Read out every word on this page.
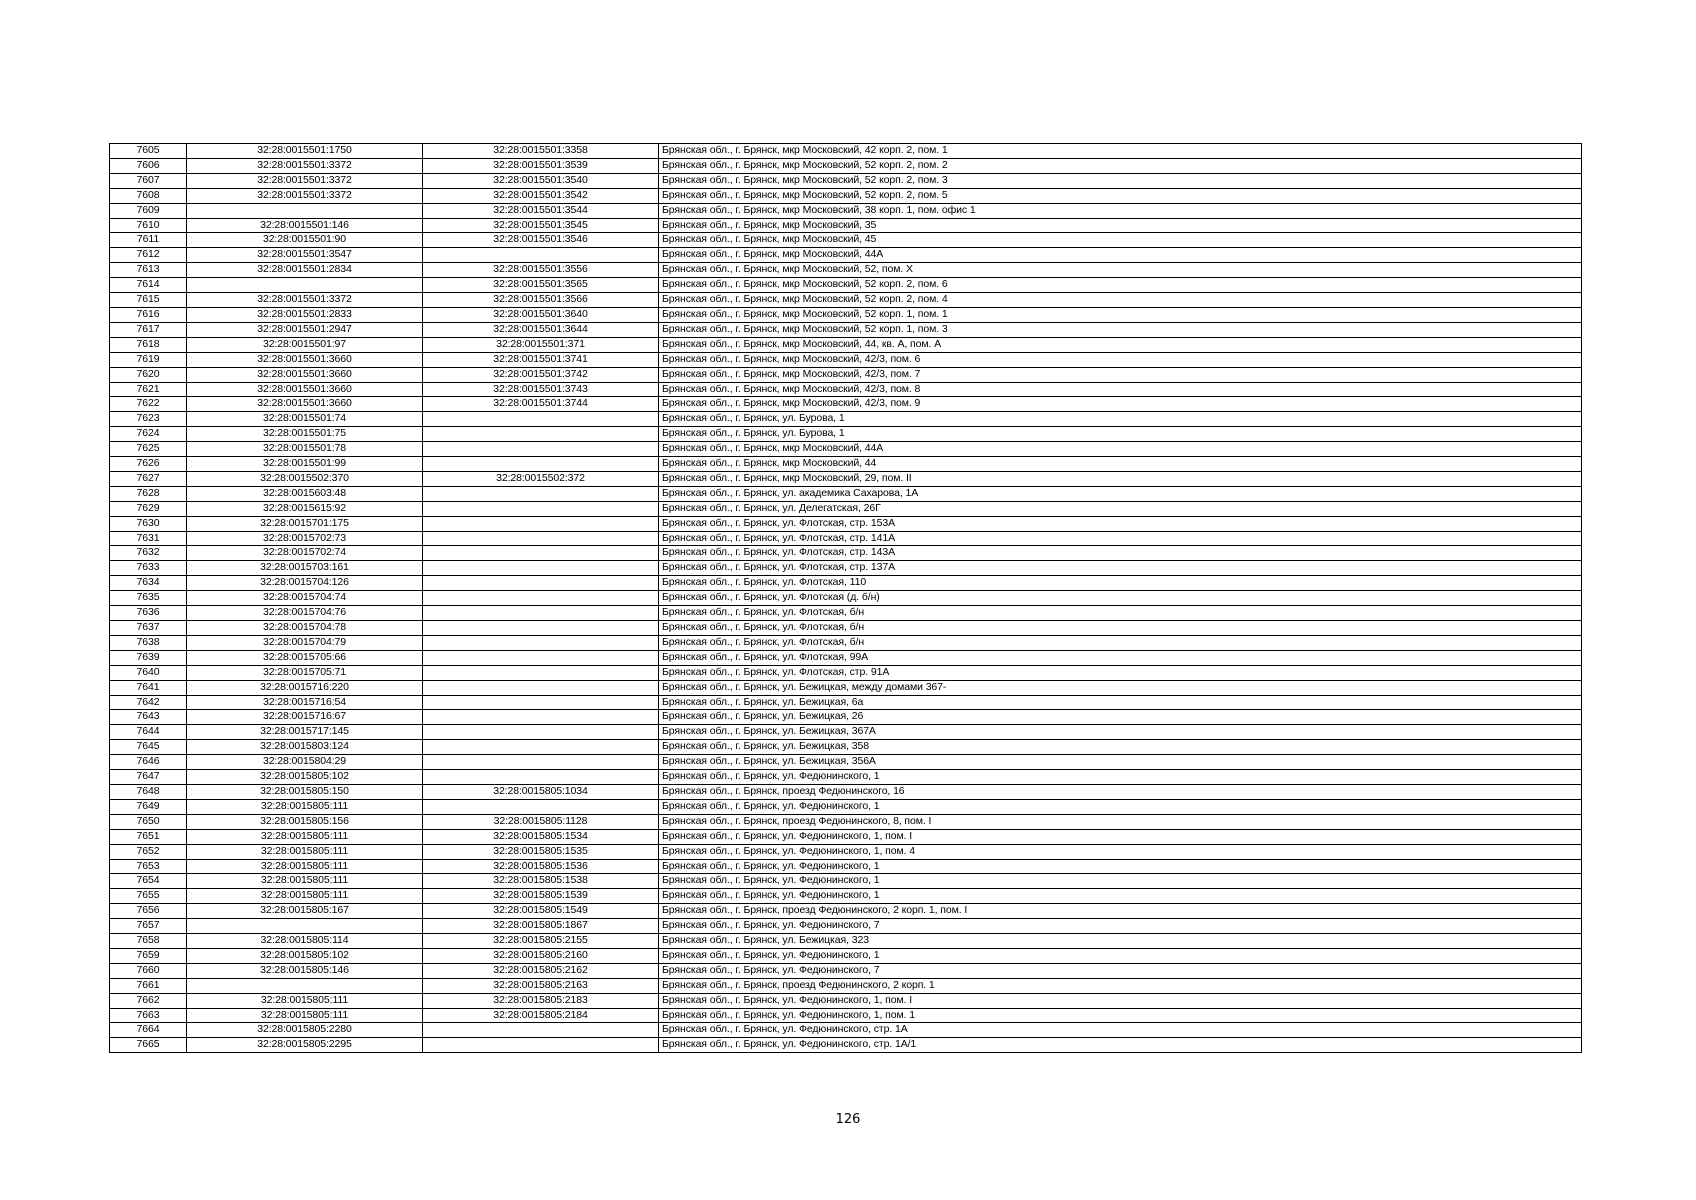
7605	32:28:0015501:1750	32:28:0015501:3358	Брянская обл., г. Брянск, мкр Московский, 42 корп. 2, пом. 1
7606	32:28:0015501:3372	32:28:0015501:3539	Брянская обл., г. Брянск, мкр Московский, 52 корп. 2, пом. 2
7607	32:28:0015501:3372	32:28:0015501:3540	Брянская обл., г. Брянск, мкр Московский, 52 корп. 2, пом. 3
7608	32:28:0015501:3372	32:28:0015501:3542	Брянская обл., г. Брянск, мкр Московский, 52 корп. 2, пом. 5
7609		32:28:0015501:3544	Брянская обл., г. Брянск, мкр Московский, 38 корп. 1, пом. офис 1
7610	32:28:0015501:146	32:28:0015501:3545	Брянская обл., г. Брянск, мкр Московский, 35
7611	32:28:0015501:90	32:28:0015501:3546	Брянская обл., г. Брянск, мкр Московский, 45
7612	32:28:0015501:3547		Брянская обл., г. Брянск, мкр Московский, 44А
7613	32:28:0015501:2834	32:28:0015501:3556	Брянская обл., г. Брянск, мкр Московский, 52, пом. X
7614		32:28:0015501:3565	Брянская обл., г. Брянск, мкр Московский, 52 корп. 2, пом. 6
7615	32:28:0015501:3372	32:28:0015501:3566	Брянская обл., г. Брянск, мкр Московский, 52 корп. 2, пом. 4
7616	32:28:0015501:2833	32:28:0015501:3640	Брянская обл., г. Брянск, мкр Московский, 52 корп. 1, пом. 1
7617	32:28:0015501:2947	32:28:0015501:3644	Брянская обл., г. Брянск, мкр Московский, 52 корп. 1, пом. 3
7618	32:28:0015501:97	32:28:0015501:371	Брянская обл., г. Брянск, мкр Московский, 44, кв. А, пом. А
7619	32:28:0015501:3660	32:28:0015501:3741	Брянская обл., г. Брянск, мкр Московский, 42/3, пом. 6
7620	32:28:0015501:3660	32:28:0015501:3742	Брянская обл., г. Брянск, мкр Московский, 42/3, пом. 7
7621	32:28:0015501:3660	32:28:0015501:3743	Брянская обл., г. Брянск, мкр Московский, 42/3, пом. 8
7622	32:28:0015501:3660	32:28:0015501:3744	Брянская обл., г. Брянск, мкр Московский, 42/3, пом. 9
7623	32:28:0015501:74		Брянская обл., г. Брянск, ул. Бурова, 1
7624	32:28:0015501:75		Брянская обл., г. Брянск, ул. Бурова, 1
7625	32:28:0015501:78		Брянская обл., г. Брянск, мкр Московский, 44А
7626	32:28:0015501:99		Брянская обл., г. Брянск, мкр Московский, 44
7627	32:28:0015502:370	32:28:0015502:372	Брянская обл., г. Брянск, мкр Московский, 29, пом. II
7628	32:28:0015603:48		Брянская обл., г. Брянск, ул. академика Сахарова, 1А
7629	32:28:0015615:92		Брянская обл., г. Брянск, ул. Делегатская, 26Г
7630	32:28:0015701:175		Брянская обл., г. Брянск, ул. Флотская, стр. 153А
7631	32:28:0015702:73		Брянская обл., г. Брянск, ул. Флотская, стр. 141А
7632	32:28:0015702:74		Брянская обл., г. Брянск, ул. Флотская, стр. 143А
7633	32:28:0015703:161		Брянская обл., г. Брянск, ул. Флотская, стр. 137А
7634	32:28:0015704:126		Брянская обл., г. Брянск, ул. Флотская, 110
7635	32:28:0015704:74		Брянская обл., г. Брянск, ул. Флотская (д. б/н)
7636	32:28:0015704:76		Брянская обл., г. Брянск, ул. Флотская, б/н
7637	32:28:0015704:78		Брянская обл., г. Брянск, ул. Флотская, б/н
7638	32:28:0015704:79		Брянская обл., г. Брянск, ул. Флотская, б/н
7639	32:28:0015705:66		Брянская обл., г. Брянск, ул. Флотская, 99А
7640	32:28:0015705:71		Брянская обл., г. Брянск, ул. Флотская, стр. 91А
7641	32:28:0015716:220		Брянская обл., г. Брянск, ул. Бежицкая, между домами 367-
7642	32:28:0015716:54		Брянская обл., г. Брянск, ул. Бежицкая, 6а
7643	32:28:0015716:67		Брянская обл., г. Брянск, ул. Бежицкая, 26
7644	32:28:0015717:145		Брянская обл., г. Брянск, ул. Бежицкая, 367А
7645	32:28:0015803:124		Брянская обл., г. Брянск, ул. Бежицкая, 358
7646	32:28:0015804:29		Брянская обл., г. Брянск, ул. Бежицкая, 356А
7647	32:28:0015805:102		Брянская обл., г. Брянск, ул. Федюнинского, 1
7648	32:28:0015805:150	32:28:0015805:1034	Брянская обл., г. Брянск, проезд Федюнинского, 16
7649	32:28:0015805:111		Брянская обл., г. Брянск, ул. Федюнинского, 1
7650	32:28:0015805:156	32:28:0015805:1128	Брянская обл., г. Брянск, проезд Федюнинского, 8, пом. I
7651	32:28:0015805:111	32:28:0015805:1534	Брянская обл., г. Брянск, ул. Федюнинского, 1, пом. I
7652	32:28:0015805:111	32:28:0015805:1535	Брянская обл., г. Брянск, ул. Федюнинского, 1, пом. 4
7653	32:28:0015805:111	32:28:0015805:1536	Брянская обл., г. Брянск, ул. Федюнинского, 1
7654	32:28:0015805:111	32:28:0015805:1538	Брянская обл., г. Брянск, ул. Федюнинского, 1
7655	32:28:0015805:111	32:28:0015805:1539	Брянская обл., г. Брянск, ул. Федюнинского, 1
7656	32:28:0015805:167	32:28:0015805:1549	Брянская обл., г. Брянск, проезд Федюнинского, 2 корп. 1, пом. I
7657		32:28:0015805:1867	Брянская обл., г. Брянск, ул. Федюнинского, 7
7658	32:28:0015805:114	32:28:0015805:2155	Брянская обл., г. Брянск, ул. Бежицкая, 323
7659	32:28:0015805:102	32:28:0015805:2160	Брянская обл., г. Брянск, ул. Федюнинского, 1
7660	32:28:0015805:146	32:28:0015805:2162	Брянская обл., г. Брянск, ул. Федюнинского, 7
7661		32:28:0015805:2163	Брянская обл., г. Брянск, проезд Федюнинского, 2 корп. 1
7662	32:28:0015805:111	32:28:0015805:2183	Брянская обл., г. Брянск, ул. Федюнинского, 1, пом. I
7663	32:28:0015805:111	32:28:0015805:2184	Брянская обл., г. Брянск, ул. Федюнинского, 1, пом. 1
7664	32:28:0015805:2280		Брянская обл., г. Брянск, ул. Федюнинского, стр. 1А
7665	32:28:0015805:2295		Брянская обл., г. Брянск, ул. Федюнинского, стр. 1А/1
126
